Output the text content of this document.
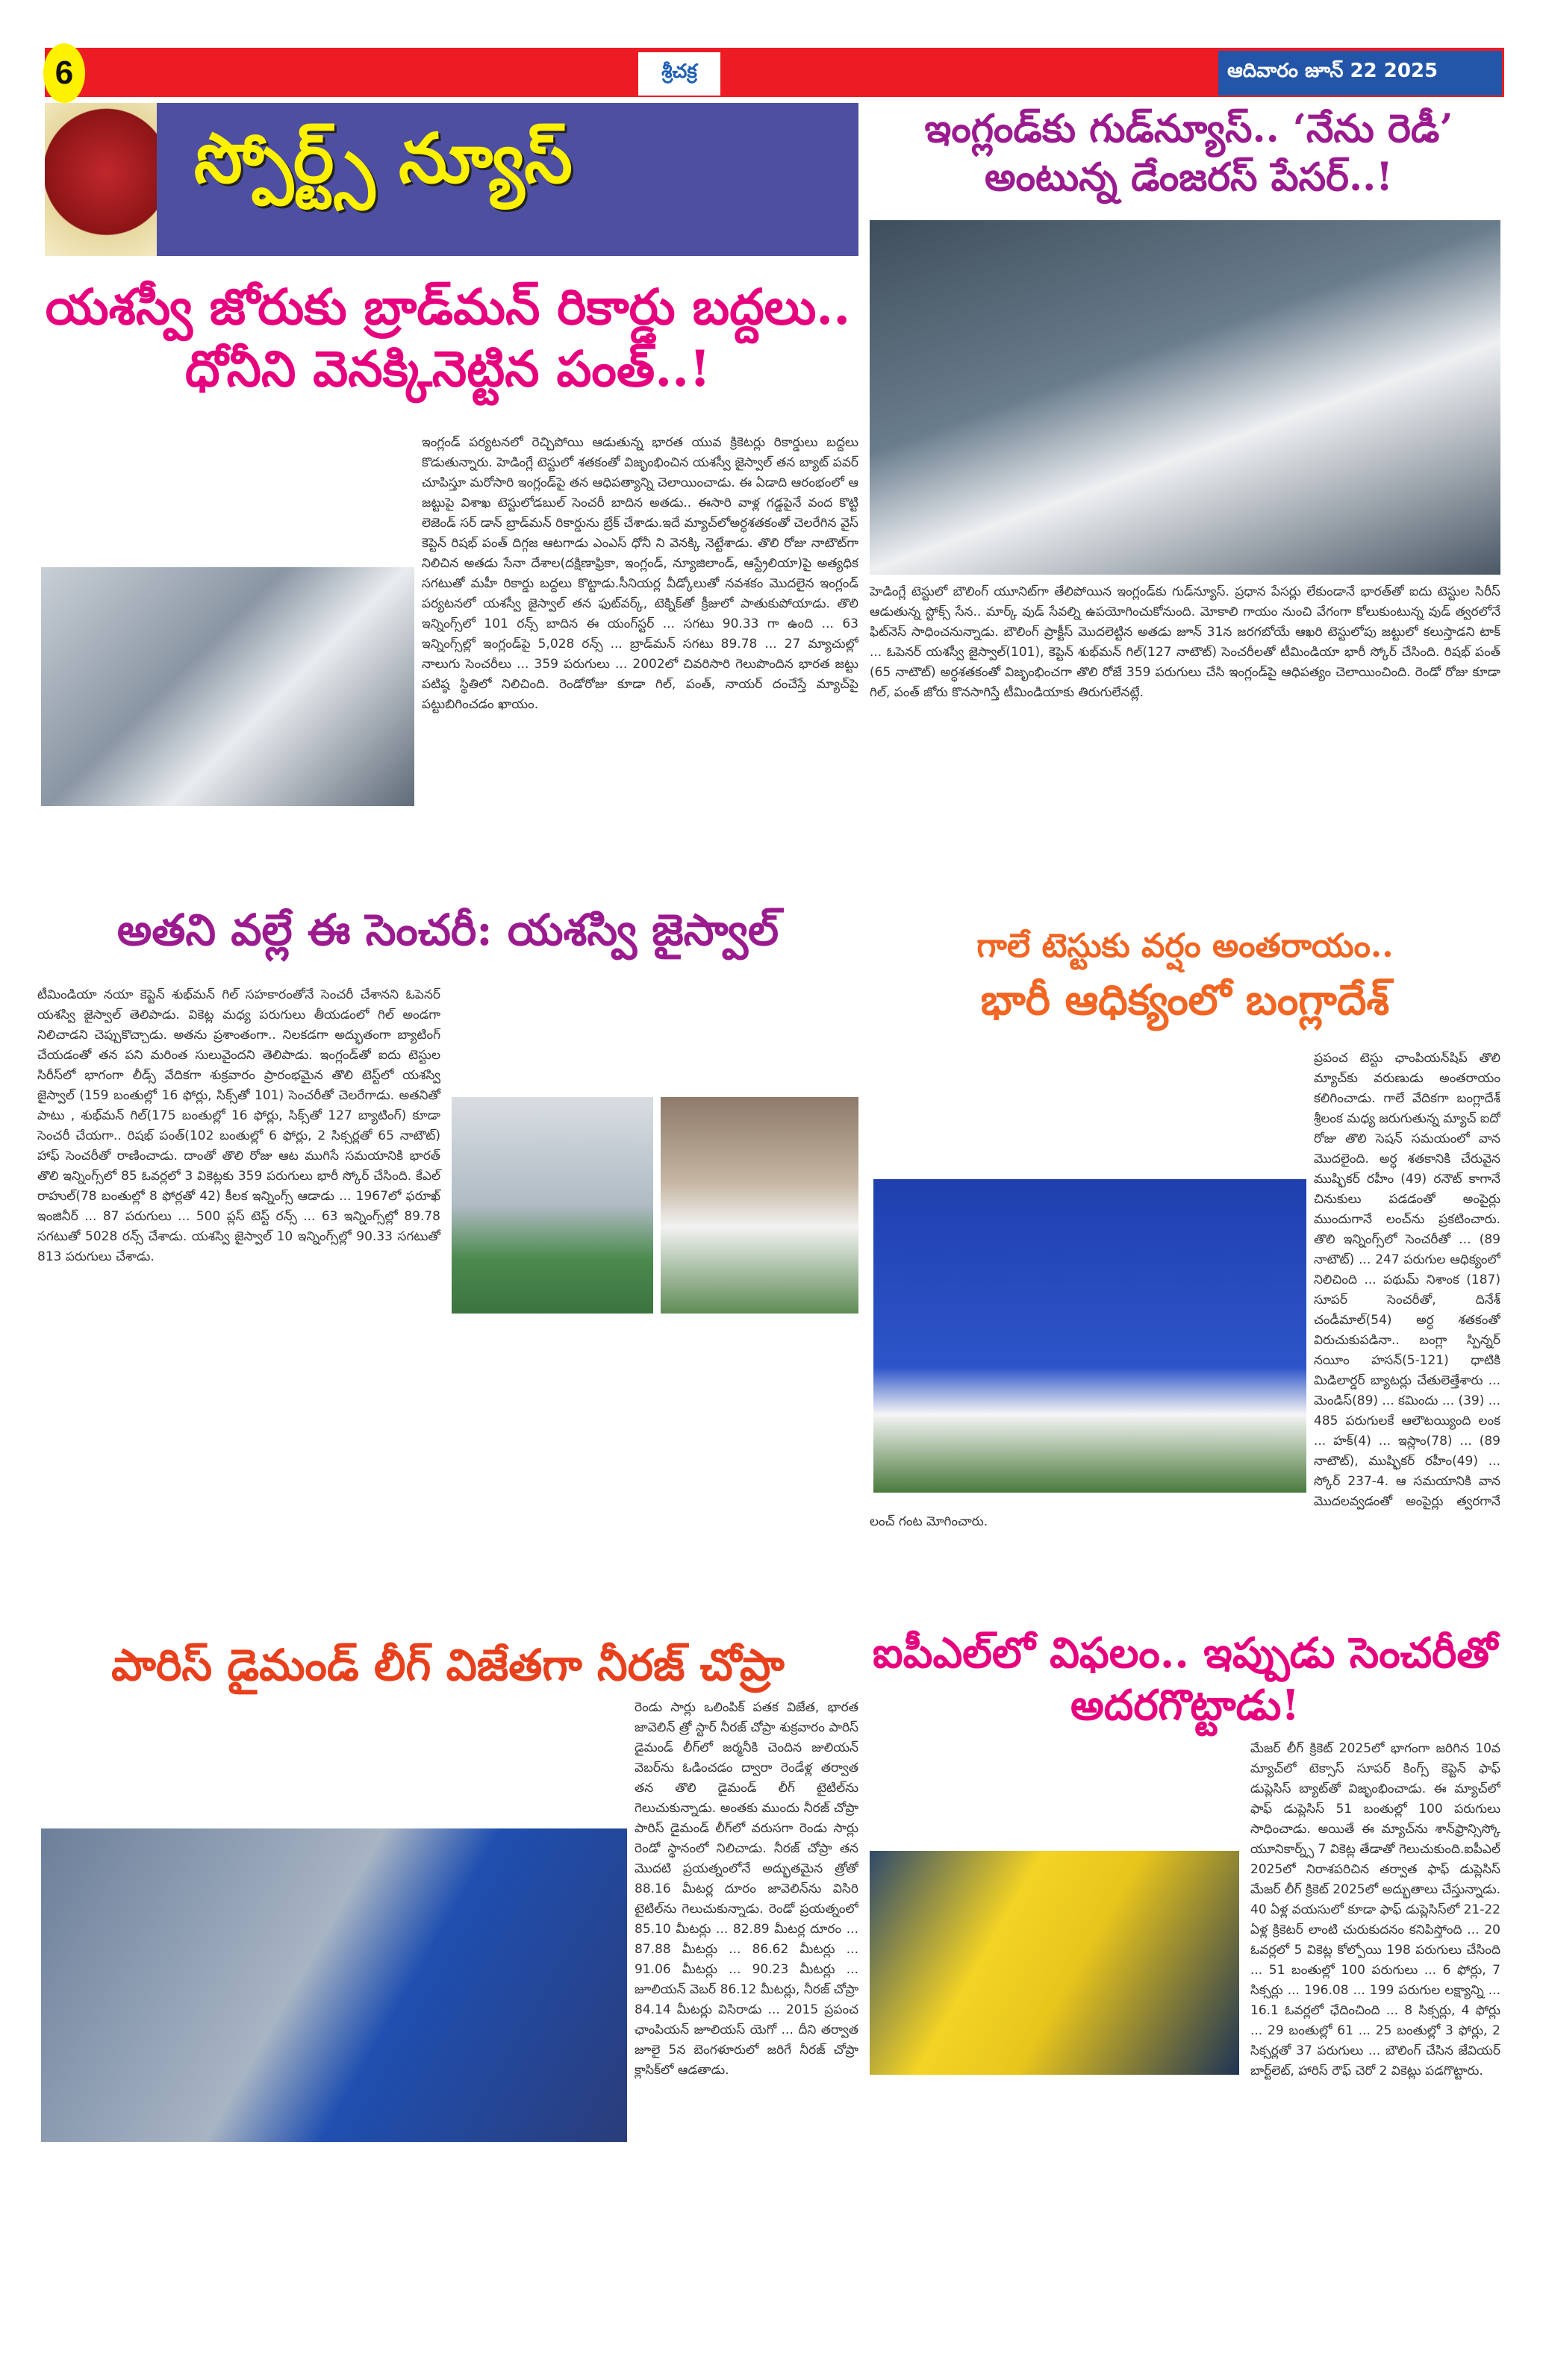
6	శ్రీచక్ర	ఆదివారం జూన్ 22 2025
స్పోర్ట్స్ న్యూస్
యశస్వీ జోరుకు బ్రాడ్‌మన్ రికార్డు బద్దలు.. ధోనీని వెనక్కినెట్టిన పంత్..!
ఇంగ్లండ్ పర్యటనలో రెచ్చిపోయి ఆడుతున్న భారత యువ క్రికెటర్లు రికార్డులు బద్దలు కొడుతున్నారు. హెడింగ్లే టెస్టులో శతకంతో విజృంభించిన యశస్వీ జైస్వాల్ తన బ్యాట్ పవర్ చూపిస్తూ మరోసారి ఇంగ్లండ్‌పై తన ఆధిపత్యాన్ని చెలాయించాడు. ఈ ఏడాది ఆరంభంలో ఆ జట్టుపై విశాఖ టెస్టులోడబుల్ సెంచరీ బాదిన అతడు.. ఈసారి వాళ్ల గడ్డపైనే వంద కొట్టి లెజెండ్ సర్ డాన్ బ్రాడ్‌మన్ రికార్డును బ్రేక్ చేశాడు.ఇదే మ్యాచ్‌లోఅర్ధశతకంతో చెలరేగిన వైస్ కెప్టెన్ రిషభ్ పంత్ దిగ్గజ ఆటగాడు ఎంఎస్ ధోనీ ని వెనక్కి నెట్టేశాడు. తొలి రోజు నాటౌట్‌గా నిలిచిన అతడు సేనా దేశాల(దక్షిణాఫ్రికా, ఇంగ్లండ్, న్యూజిలాండ్, ఆస్ట్రేలియా)పై అత్యధిక సగటుతో మహీ రికార్డు బద్దలు కొట్టాడు.సీనియర్ల వీడ్కోలుతో నవశకం మొదలైన ఇంగ్లండ్ పర్యటనలో యశస్వీ జైస్వాల్ తన ఫుట్‌వర్క్, టెక్నిక్‌తో క్రీజులో పాతుకుపోయాడు. తొలి ఇన్నింగ్స్‌లో 101 రన్స్ బాదిన ఈ యంగ్‌స్టర్ ... సగటు 90.33 గా ఉంది ... 63 ఇన్నింగ్స్‌ల్లో ఇంగ్లండ్‌పై 5,028 రన్స్ ... బ్రాడ్‌మన్ సగటు 89.78 ... 27 మ్యాచుల్లో నాలుగు సెంచరీలు ... 359 పరుగులు ... 2002లో చివరిసారి గెలుపొందిన భారత జట్టు పటిష్ఠ స్థితిలో నిలిచింది. రెండోరోజు కూడా గిల్, పంత్, నాయర్ దంచేస్తే మ్యాచ్‌పై పట్టుబిగించడం ఖాయం.
అతని వల్లే ఈ సెంచరీ: యశస్వి జైస్వాల్
టీమిండియా నయా కెప్టెన్ శుభ్‌మన్ గిల్ సహకారంతోనే సెంచరీ చేశానని ఓపెనర్ యశస్వి జైస్వాల్ తెలిపాడు. వికెట్ల మధ్య పరుగులు తీయడంలో గిల్ అండగా నిలిచాడని చెప్పుకొచ్చాడు. అతను ప్రశాంతంగా.. నిలకడగా అద్భుతంగా బ్యాటింగ్ చేయడంతో తన పని మరింత సులువైందని తెలిపాడు. ఇంగ్లండ్‌తో ఐదు టెస్టుల సిరీస్‌లో భాగంగా లీడ్స్ వేదికగా శుక్రవారం ప్రారంభమైన తొలి టెస్ట్‌లో యశస్వి జైస్వాల్ (159 బంతుల్లో 16 ఫోర్లు, సిక్స్‌తో 101) సెంచరీతో చెలరేగాడు. అతనితో పాటు , శుభ్‌మన్ గిల్(175 బంతుల్లో 16 ఫోర్లు, సిక్స్‌తో 127 బ్యాటింగ్) కూడా సెంచరీ చేయగా.. రిషభ్ పంత్(102 బంతుల్లో 6 ఫోర్లు, 2 సిక్సర్లతో 65 నాటౌట్) హాఫ్ సెంచరీతో రాణించాడు. దాంతో తొలి రోజు ఆట ముగిసే సమయానికి భారత్ తొలి ఇన్నింగ్స్‌లో 85 ఓవర్లలో 3 వికెట్లకు 359 పరుగులు భారీ స్కోర్ చేసింది. కేఎల్ రాహుల్(78 బంతుల్లో 8 ఫోర్లతో 42) కీలక ఇన్నింగ్స్ ఆడాడు ... 1967లో ఫరూఖ్ ఇంజినీర్ ... 87 పరుగులు ... 500 ప్లస్ టెస్ట్ రన్స్ ... 63 ఇన్నింగ్స్‌ల్లో 89.78 సగటుతో 5028 రన్స్ చేశాడు. యశస్వి జైస్వాల్ 10 ఇన్నింగ్స్‌ల్లో 90.33 సగటుతో 813 పరుగులు చేశాడు.
పారిస్ డైమండ్ లీగ్ విజేతగా నీరజ్ చోప్రా
రెండు సార్లు ఒలింపిక్ పతక విజేత, భారత జావెలిన్ త్రో స్టార్ నీరజ్ చోప్రా శుక్రవారం పారిస్ డైమండ్ లీగ్‌లో జర్మనీకి చెందిన జులియన్ వెబర్‌ను ఓడించడం ద్వారా రెండేళ్ల తర్వాత తన తొలి డైమండ్ లీగ్ టైటిల్‌ను గెలుచుకున్నాడు. అంతకు ముందు నీరజ్ చోప్రా పారిస్ డైమండ్ లీగ్‌లో వరుసగా రెండు సార్లు రెండో స్థానంలో నిలిచాడు. నీరజ్ చోప్రా తన మొదటి ప్రయత్నంలోనే అద్భుతమైన త్రోతో 88.16 మీటర్ల దూరం జావెలిన్‌ను విసిరి టైటిల్‌ను గెలుచుకున్నాడు. రెండో ప్రయత్నంలో 85.10 మీటర్లు ... 82.89 మీటర్ల దూరం ... 87.88 మీటర్లు ... 86.62 మీటర్లు ... 91.06 మీటర్లు ... 90.23 మీటర్లు ... జూలియన్ వెబర్ 86.12 మీటర్లు, నీరజ్ చోప్రా 84.14 మీటర్లు విసిరాడు ... 2015 ప్రపంచ ఛాంపియన్ జూలియస్ యెగో ... దీని తర్వాత జూలై 5న బెంగళూరులో జరిగే నీరజ్ చోప్రా క్లాసిక్‌లో ఆడతాడు.
ఇంగ్లండ్‌కు గుడ్‌న్యూస్.. ‘నేను రెడీ’ అంటున్న డేంజరస్ పేసర్..!
హెడింగ్లే టెస్టులో బౌలింగ్ యూనిట్‌గా తేలిపోయిన ఇంగ్లండ్‌కు గుడ్‌న్యూస్. ప్రధాన పేసర్లు లేకుండానే భారత్‌తో ఐదు టెస్టుల సిరీస్ ఆడుతున్న స్టోక్స్ సేన.. మార్క్ వుడ్ సేవల్ని ఉపయోగించుకోనుంది. మోకాలి గాయం నుంచి వేగంగా కోలుకుంటున్న వుడ్ త్వరలోనే ఫిట్‌నెస్ సాధించనున్నాడు. బౌలింగ్ ప్రాక్టీస్ మొదలెట్టిన అతడు జూన్ 31న జరగబోయే ఆఖరి టెస్టులోపు జట్టులో కలుస్తాడని టాక్ ... ఓపెనర్ యశస్వీ జైస్వాల్(101), కెప్టెన్ శుభ్‌మన్ గిల్(127 నాటౌట్) సెంచరీలతో టీమిండియా భారీ స్కోర్ చేసింది. రిషభ్ పంత్ (65 నాటౌట్) అర్ధశతకంతో విజృంభించగా తొలి రోజే 359 పరుగులు చేసి ఇంగ్లండ్‌పై ఆధిపత్యం చెలాయించింది. రెండో రోజు కూడా గిల్, పంత్ జోరు కొనసాగిస్తే టీమిండియాకు తిరుగులేనట్లే.
గాలే టెస్టుకు వర్షం అంతరాయం..
భారీ ఆధిక్యంలో బంగ్లాదేశ్
ప్రపంచ టెస్టు ఛాంపియన్‌షిప్ తొలి మ్యాచ్‌కు వరుణుడు అంతరాయం కలిగించాడు. గాలే వేదికగా బంగ్లాదేశ్ శ్రీలంక మధ్య జరుగుతున్న మ్యాచ్ ఐదో రోజు తొలి సెషన్ సమయంలో వాన మొదలైంది. అర్ధ శతకానికి చేరువైన ముష్ఫికర్ రహీం (49) రనౌట్ కాగానే చినుకులు పడడంతో అంపైర్లు ముందుగానే లంచ్‌ను ప్రకటించారు. తొలి ఇన్నింగ్స్‌లో సెంచరీతో ... (89 నాటౌట్) ... 247 పరుగుల ఆధిక్యంలో నిలిచింది ... పథుమ్ నిశాంక (187) సూపర్ సెంచరీతో, దినేశ్ చండీమాల్(54) అర్ధ శతకంతో విరుచుకుపడినా.. బంగ్లా స్పిన్నర్ నయీం హసన్(5-121) ధాటికి మిడిలార్డర్ బ్యాటర్లు చేతులెత్తేశారు ... మెండిస్(89) ... కమిందు ... (39) ... 485 పరుగులకే ఆలౌటయ్యింది లంక ... హక్(4) ... ఇస్లాం(78) ... (89 నాటౌట్), ముష్ఫికర్ రహీం(49) ... స్కోర్ 237-4. ఆ సమయానికి వాన మొదలవ్వడంతో అంపైర్లు త్వరగానే లంచ్ గంట మోగించారు.
ఐపీఎల్‌లో విఫలం.. ఇప్పుడు సెంచరీతో అదరగొట్టాడు!
మేజర్ లీగ్ క్రికెట్ 2025లో భాగంగా జరిగిన 10వ మ్యాచ్‌లో టెక్సాస్ సూపర్ కింగ్స్ కెప్టెన్ ఫాఫ్ డుప్లెసిస్ బ్యాట్‌తో విజృంభించాడు. ఈ మ్యాచ్‌లో ఫాఫ్ డుప్లెసిస్ 51 బంతుల్లో 100 పరుగులు సాధించాడు. అయితే ఈ మ్యాచ్‌ను శాన్‌ఫ్రాన్సిస్కో యూనికార్న్స్ 7 వికెట్ల తేడాతో గెలుచుకుంది.ఐపీఎల్ 2025లో నిరాశపరిచిన తర్వాత ఫాఫ్ డుప్లెసిస్ మేజర్ లీగ్ క్రికెట్ 2025లో అద్భుతాలు చేస్తున్నాడు. 40 ఏళ్ల వయసులో కూడా ఫాఫ్ డుప్లెసిస్‌లో 21-22 ఏళ్ల క్రికెటర్ లాంటి చురుకుదనం కనిపిస్తోంది ... 20 ఓవర్లలో 5 వికెట్ల కోల్పోయి 198 పరుగులు చేసింది ... 51 బంతుల్లో 100 పరుగులు ... 6 ఫోర్లు, 7 సిక్సర్లు ... 196.08 ... 199 పరుగుల లక్ష్యాన్ని ... 16.1 ఓవర్లలో ఛేదించింది ... 8 సిక్సర్లు, 4 ఫోర్లు ... 29 బంతుల్లో 61 ... 25 బంతుల్లో 3 ఫోర్లు, 2 సిక్సర్లతో 37 పరుగులు ... బౌలింగ్ చేసిన జేవియర్ బార్ట్‌లెట్, హారిస్ రౌఫ్ చెరో 2 వికెట్లు పడగొట్టారు.
